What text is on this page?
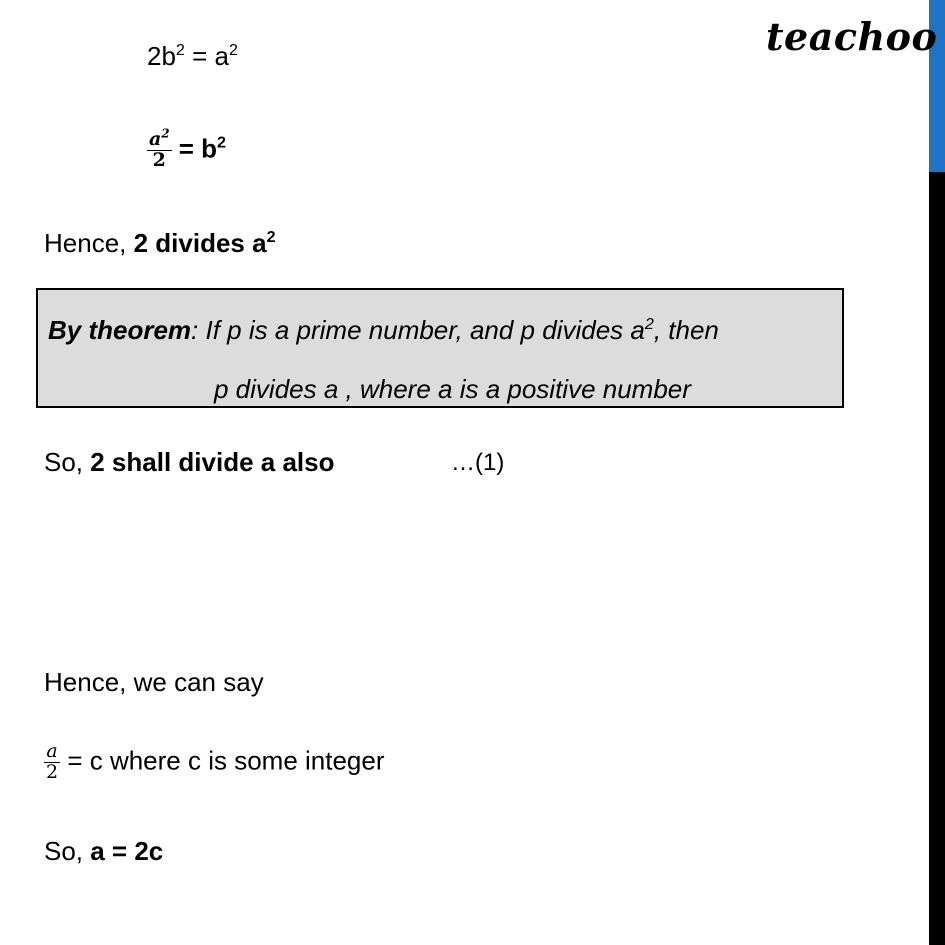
teachoo
$2b^2 = a^2$
$\frac{a^2}{2} = b^2$
Hence, 2 divides $a^2$
By theorem: If p is a prime number, and p divides $a^2$, then
p divides a , where a is a positive number
So, 2 shall divide a also	…(1)
Hence, we can say
$\frac{a}{2} = c$ where c is some integer
So, a = 2c
